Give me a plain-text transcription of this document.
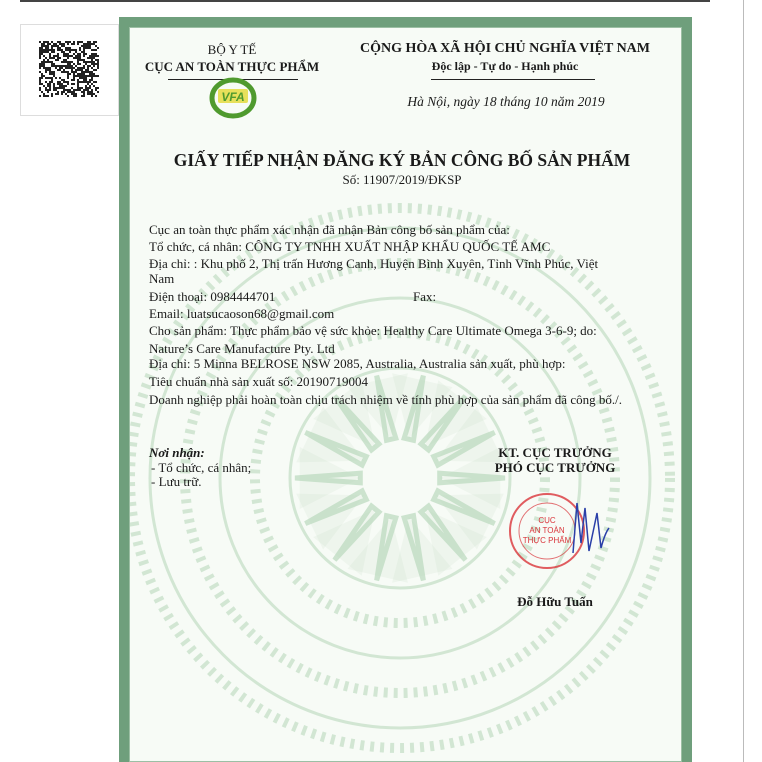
BỘ Y TẾ
CỤC AN TOÀN THỰC PHẨM
VFA
CỘNG HÒA XÃ HỘI CHỦ NGHĨA VIỆT NAM
Độc lập - Tự do - Hạnh phúc
Hà Nội, ngày 18 tháng 10 năm 2019
GIẤY TIẾP NHẬN ĐĂNG KÝ BẢN CÔNG BỐ SẢN PHẨM
Số: 11907/2019/ĐKSP
Cục an toàn thực phẩm xác nhận đã nhận Bản công bố sản phẩm của:
Tổ chức, cá nhân: CÔNG TY TNHH XUẤT NHẬP KHẨU QUỐC TẾ AMC
Địa chỉ: : Khu phố 2, Thị trấn Hương Canh, Huyện Bình Xuyên, Tỉnh Vĩnh Phúc, Việt
Nam
Điện thoại: 0984444701	Fax:
Email: luatsucaoson68@gmail.com
Cho sản phẩm: Thực phẩm bảo vệ sức khỏe: Healthy Care Ultimate Omega 3-6-9; do:
Nature’s Care Manufacture Pty. Ltd
Địa chỉ: 5 Minna BELROSE NSW 2085, Australia, Australia sản xuất, phù hợp:
Tiêu chuẩn nhà sản xuất số: 20190719004
Doanh nghiệp phải hoàn toàn chịu trách nhiệm về tính phù hợp của sản phẩm đã công bố./.
Nơi nhận:
- Tổ chức, cá nhân;
- Lưu trữ.
KT. CỤC TRƯỞNG
PHÓ CỤC TRƯỞNG
CỤC
AN TOÀN
THỰC PHẨM
Đỗ Hữu Tuấn
